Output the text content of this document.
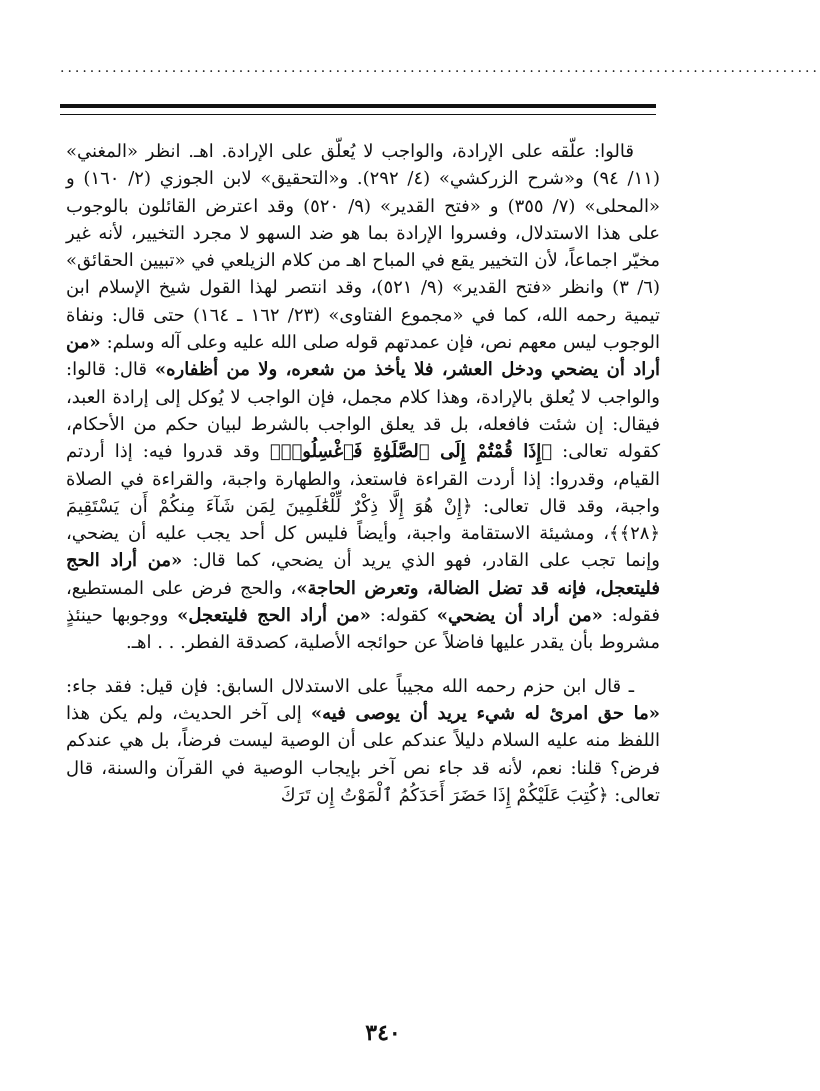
......................................................................................................

قالوا: علّقه على الإرادة، والواجب لا يُعلّق على الإرادة. اهـ. انظر «المغني» (١١/ ٩٤) و«شرح الزركشي» (٤/ ٢٩٢). و«التحقيق» لابن الجوزي (٢/ ١٦٠) و «المحلى» (٧/ ٣٥٥) و «فتح القدير» (٩/ ٥٢٠) وقد اعترض القائلون بالوجوب على هذا الاستدلال، وفسروا الإرادة بما هو ضد السهو لا مجرد التخيير، لأنه غير مخيّر اجماعاً، لأن التخيير يقع في المباح اهـ من كلام الزيلعي في «تبيين الحقائق» (٦/ ٣) وانظر «فتح القدير» (٩/ ٥٢١)، وقد انتصر لهذا القول شيخ الإسلام ابن تيمية رحمه الله، كما في «مجموع الفتاوى» (٢٣/ ١٦٢ ـ ١٦٤) حتى قال: ونفاة الوجوب ليس معهم نص، فإن عمدتهم قوله صلى الله عليه وعلى آله وسلم: «من أراد أن يضحي ودخل العشر، فلا يأخذ من شعره، ولا من أظفاره» قال: قالوا: والواجب لا يُعلق بالإرادة، وهذا كلام مجمل، فإن الواجب لا يُوكل إلى إرادة العبد، فيقال: إن شئت فافعله، بل قد يعلق الواجب بالشرط لبيان حكم من الأحكام، كقوله تعالى: ﴿إِذَا قُمْتُمْ إِلَى ٱلصَّلَوٰةِ فَٱغْسِلُوا۟﴾ وقد قدروا فيه: إذا أردتم القيام، وقدروا: إذا أردت القراءة فاستعذ، والطهارة واجبة، والقراءة في الصلاة واجبة، وقد قال تعالى: ﴿إِنْ هُوَ إِلَّا ذِكْرٌ لِّلْعَٰلَمِينَ لِمَن شَآءَ مِنكُمْ أَن يَسْتَقِيمَ ﴿٢٨﴾﴾، ومشيئة الاستقامة واجبة، وأيضاً فليس كل أحد يجب عليه أن يضحي، وإنما تجب على القادر، فهو الذي يريد أن يضحي، كما قال: «من أراد الحج فليتعجل، فإنه قد تضل الضالة، وتعرض الحاجة»، والحج فرض على المستطيع، فقوله: «من أراد أن يضحي» كقوله: «من أراد الحج فليتعجل» ووجوبها حينئذٍ مشروط بأن يقدر عليها فاضلاً عن حوائجه الأصلية، كصدقة الفطر. . . اهـ.

ـ قال ابن حزم رحمه الله مجيباً على الاستدلال السابق: فإن قيل: فقد جاء: «ما حق امرئ له شيء يريد أن يوصى فيه» إلى آخر الحديث، ولم يكن هذا اللفظ منه عليه السلام دليلاً عندكم على أن الوصية ليست فرضاً، بل هي عندكم فرض؟ قلنا: نعم، لأنه قد جاء نص آخر بإيجاب الوصية في القرآن والسنة، قال تعالى: ﴿كُتِبَ عَلَيْكُمْ إِذَا حَضَرَ أَحَدَكُمُ ٱلْمَوْتُ إِن تَرَكَ

٣٤٠
